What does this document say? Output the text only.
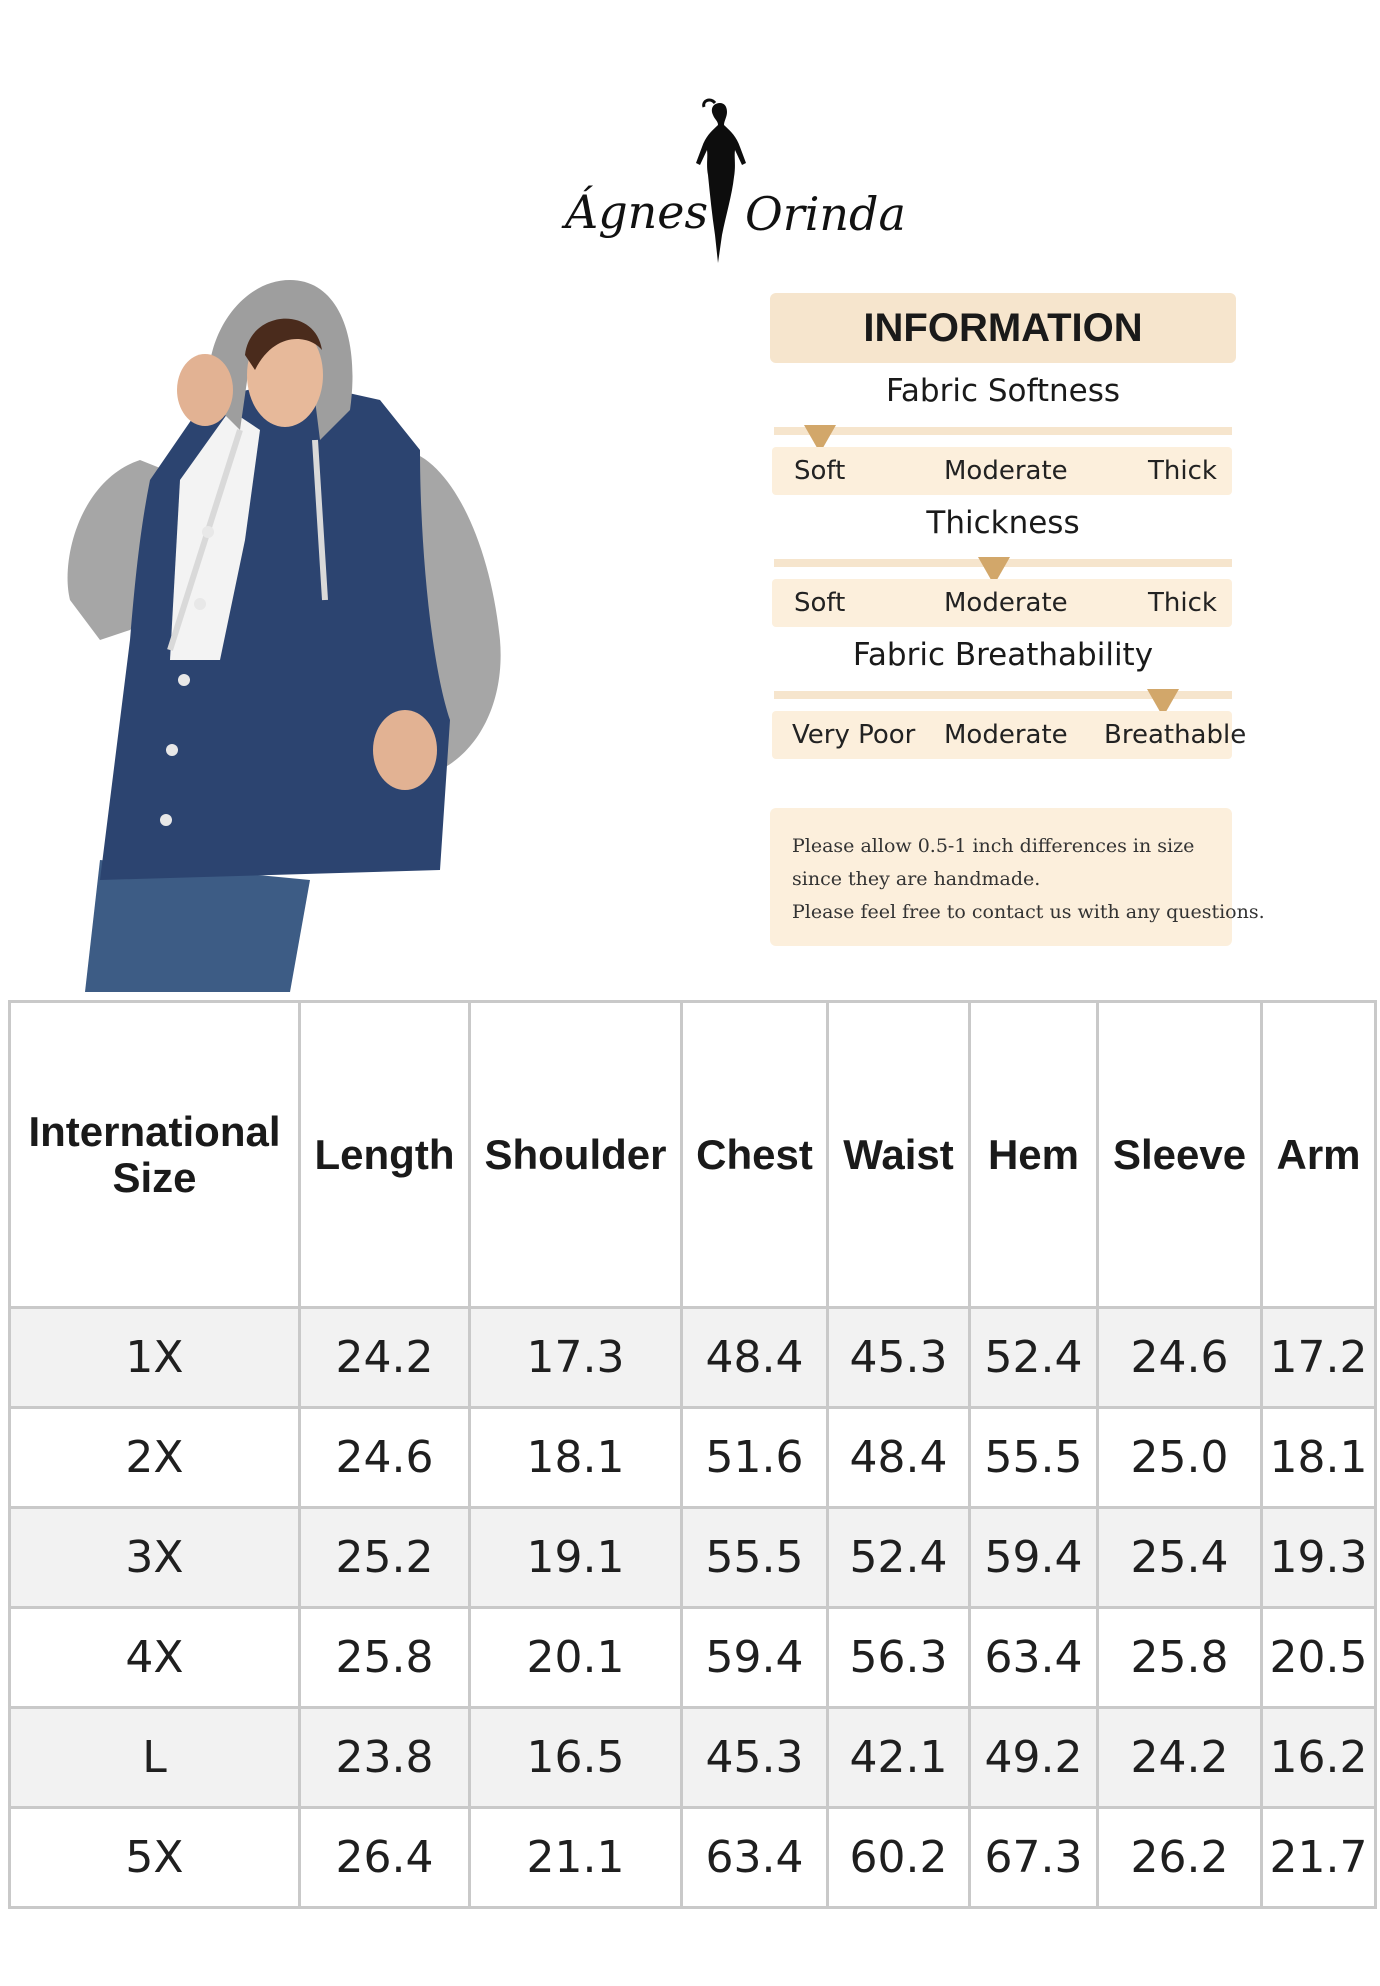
Ágnes Orinda
INFORMATION
Fabric Softness
Soft	Moderate	Thick
Thickness
Soft	Moderate	Thick
Fabric Breathability
Very Poor Moderate Breathable

Please allow 0.5-1 inch differences in size

since they are handmade.

Please feel free to contact us with any questions.

International Size	Length	Shoulder	Chest	Waist	Hem	Sleeve	Arm
1X	24.2	17.3	48.4	45.3	52.4	24.6	17.2
2X	24.6	18.1	51.6	48.4	55.5	25.0	18.1
3X	25.2	19.1	55.5	52.4	59.4	25.4	19.3
4X	25.8	20.1	59.4	56.3	63.4	25.8	20.5
L	23.8	16.5	45.3	42.1	49.2	24.2	16.2
5X	26.4	21.1	63.4	60.2	67.3	26.2	21.7
